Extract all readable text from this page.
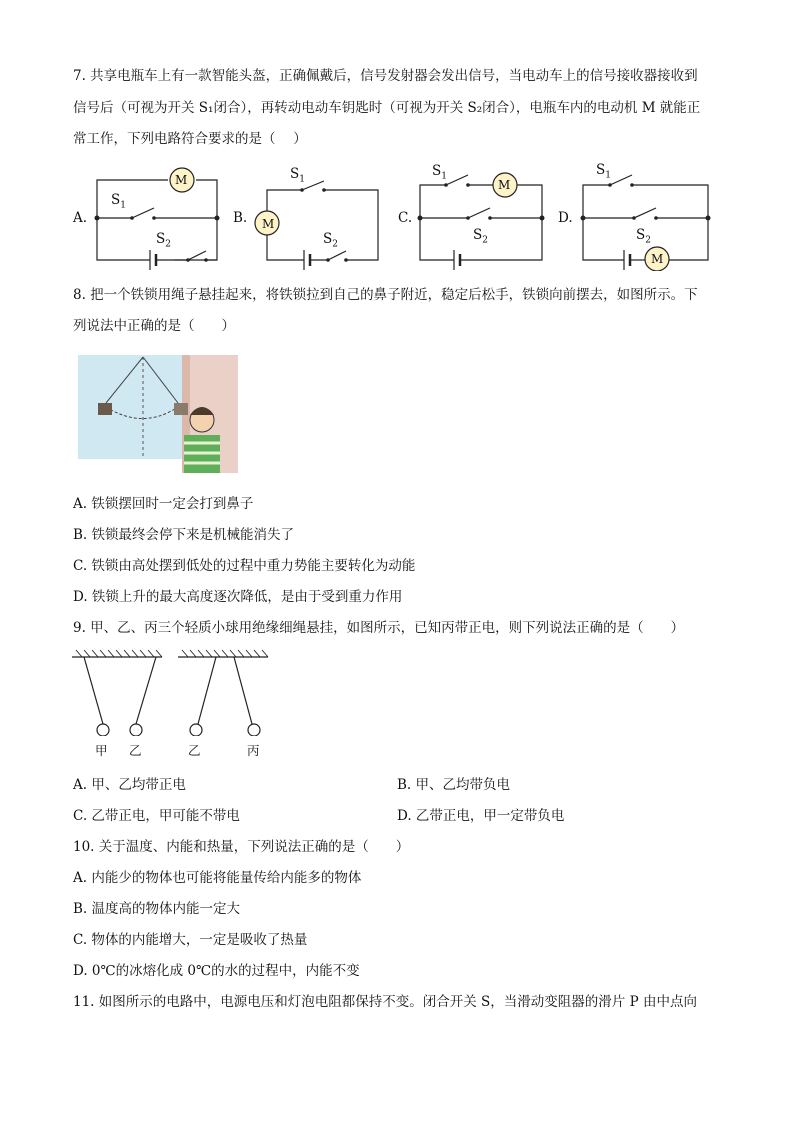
7. 共享电瓶车上有一款智能头盔，正确佩戴后，信号发射器会发出信号，当电动车上的信号接收器接收到
信号后（可视为开关 S₁闭合），再转动电动车钥匙时（可视为开关 S₂闭合），电瓶车内的电动机 M 就能正
常工作，下列电路符合要求的是（　 ）
A.
$S_1$
$S_2$
M
B.
$S_1$
$S_2$
M	C.
$S_1$
$S_2$
M
D.
$S_1$
$S_2$
M
8. 把一个铁锁用绳子悬挂起来，将铁锁拉到自己的鼻子附近，稳定后松手，铁锁向前摆去，如图所示。下
列说法中正确的是（　　）
A. 铁锁摆回时一定会打到鼻子
B. 铁锁最终会停下来是机械能消失了
C. 铁锁由高处摆到低处的过程中重力势能主要转化为动能
D. 铁锁上升的最大高度逐次降低，是由于受到重力作用
9. 甲、乙、丙三个轻质小球用绝缘细绳悬挂，如图所示，已知丙带正电，则下列说法正确的是（　　）
甲 乙	乙	丙
A. 甲、乙均带正电	B. 甲、乙均带负电
C. 乙带正电，甲可能不带电	D. 乙带正电，甲一定带负电
10. 关于温度、内能和热量，下列说法正确的是（　　）
A. 内能少的物体也可能将能量传给内能多的物体
B. 温度高的物体内能一定大
C. 物体的内能增大，一定是吸收了热量
D. 0℃的冰熔化成 0℃的水的过程中，内能不变
11. 如图所示的电路中，电源电压和灯泡电阻都保持不变。闭合开关 S，当滑动变阻器的滑片 P 由中点向
